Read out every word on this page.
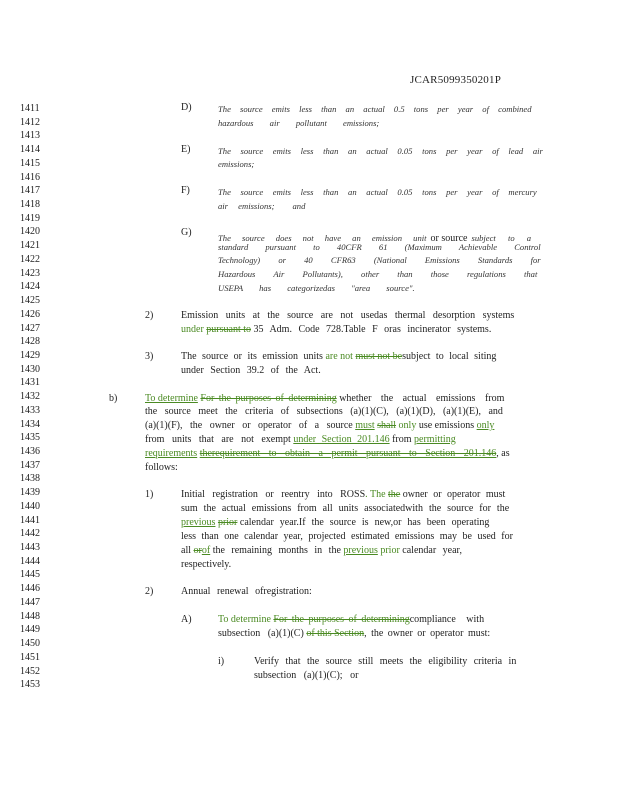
JCAR5099350201P
1411
1412
1413
1414
1415
1416
1417
1418
1419
1420
1421
1422
1423
1424
1425
1426
1427
1428
1429
1430
1431
1432
1433
1434
1435
1436
1437
1438
1439
1440
1441
1442
1443
1444
1445
1446
1447
1448
1449
1450
1451
1452
1453
D)	The source emits less than an actual 0.5 tons per year of combined
hazardous air pollutant emissions;
E)	The source emits less than an actual 0.05 tons per year of lead air
emissions;
F)	The source emits less than an actual 0.05 tons per year of mercury
air emissions; and
G)	The source does not have an emission unit or source subject to a
standard pursuant to 40CFR 61 (Maximum Achievable Control
Technology) or 40 CFR63 (National Emissions Standards for
Hazardous Air Pollutants), other than those regulations that
USEPA has categorizedas "area source".
2)	Emission units at the source are not usedas thermal desorption systems
under pursuant to 35 Adm. Code 728.Table F oras incinerator systems.
3)	The source or its emission units are not must not besubject to local siting
under Section 39.2 of the Act.
b)	To determine For the purposes of determining whether the actual emissions from
the source meet the criteria of subsections (a)(1)(C), (a)(1)(D), (a)(1)(E), and
(a)(1)(F), the owner or operator of a source must shall only use emissions only
from units that are not exempt under Section 201.146 from permitting
requirements therequirement to obtain a permit pursuant to Section 201.146, as
follows:
1)	Initial registration or reentry into ROSS. The the owner or operator must
sum the actual emissions from all units associatedwith the source for the
previous prior calendar year.If the source is new,or has been operating
less than one calendar year, projected estimated emissions may be used for
all orof the remaining months in the previous prior calendar year,
respectively.
2)	Annual renewal ofregistration:
A)	To determine For the purposes of determiningcompliance with
subsection (a)(1)(C) of this Section, the owner or operator must:
i)	Verify that the source still meets the eligibility criteria in
subsection (a)(1)(C); or
